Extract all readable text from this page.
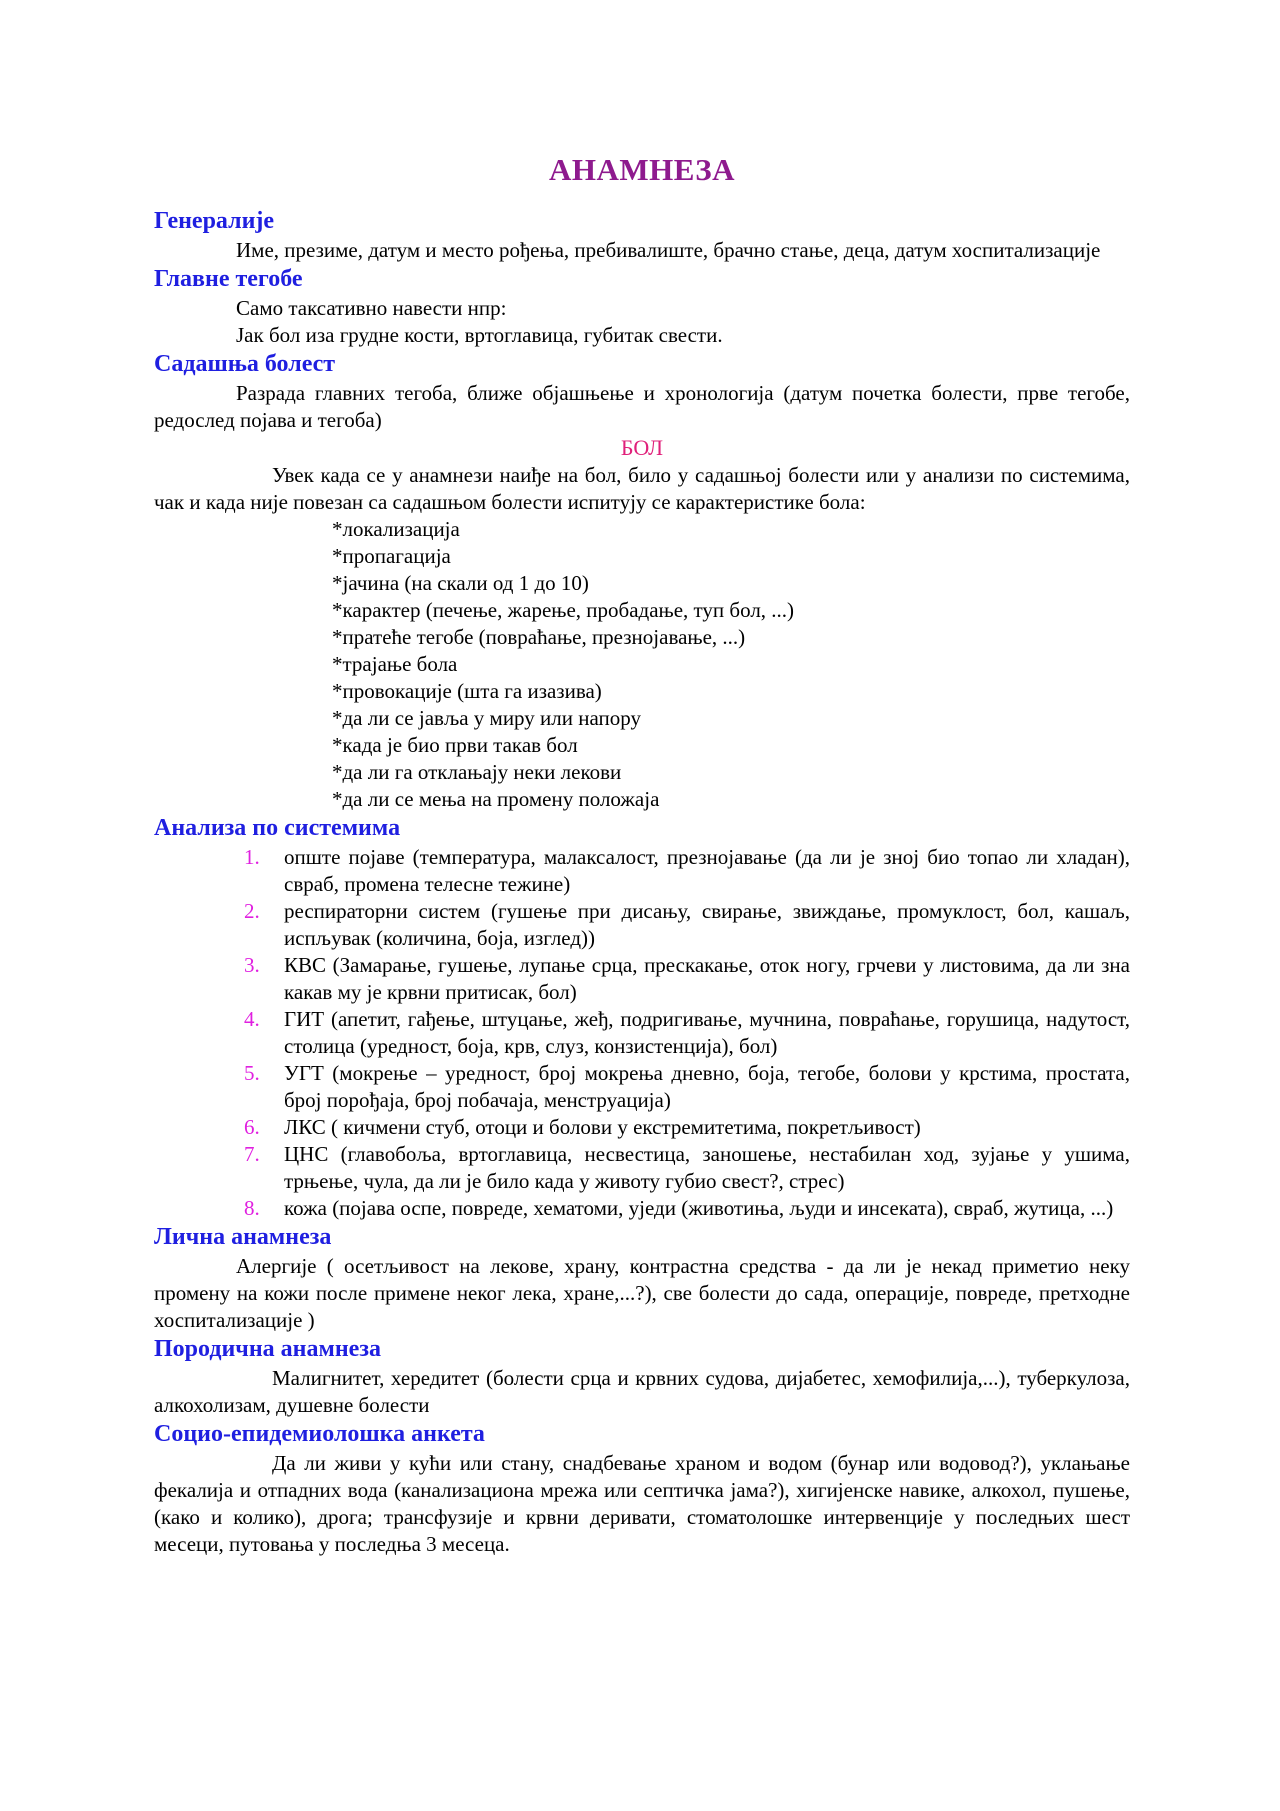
АНАМНЕЗА
Генералије

Име, презиме, датум и место рођења, пребивалиште, брачно стање, деца, датум хоспитализације

Главне тегобе

Само таксативно навести нпр:

Јак бол иза грудне кости, вртоглавица, губитак свести.

Садашња болест

Разрада главних тегоба, ближе објашњење и хронологија (датум почетка болести, прве тегобе, редослед појава и тегоба)

БОЛ

Увек када се у анамнези наиђе на бол, било у садашњој болести или у анализи по системима, чак и када није повезан са садашњом болести испитују се карактеристике бола:

*локализација
*пропагација
*јачина (на скали од 1 до 10)
*карактер (печење, жарење, пробадање, туп бол, ...)
*пратеће тегобе (повраћање, презнојавање, ...)
*трајање бола
*провокације (шта га изазива)
*да ли се јавља у миру или напору
*када је био први такав бол
*да ли га отклањају неки лекови
*да ли се мења на промену положаја
Анализа по системима
1.	опште појаве (температура, малаксалост, презнојавање (да ли је зној био топао ли хладан), свраб, промена телесне тежине)
2.	респираторни систем (гушење при дисању, свирање, звиждање, промуклост, бол, кашаљ, испљувак (количина, боја, изглед))
3.	КВС (Замарање, гушење, лупање срца, прескакање, оток ногу, грчеви у листовима, да ли зна какав му је крвни притисак, бол)
4.	ГИТ (апетит, гађење, штуцање, жеђ, подригивање, мучнина, повраћање, горушица, надутост, столица (уредност, боја, крв, слуз, конзистенција), бол)
5.	УГТ (мокрење – уредност, број мокрења дневно, боја, тегобе, болови у крстима, простата, број порођаја, број побачаја, менструација)
6.	ЛКС ( кичмени стуб, отоци и болови у екстремитетима, покретљивост)
7.	ЦНС (главобоља, вртоглавица, несвестица, заношење, нестабилан ход, зујање у ушима, трњење, чула, да ли је било када у животу губио свест?, стрес)
8.	кожа (појава оспе, повреде, хематоми, уједи (животиња, људи и инсеката), свраб, жутица, ...)
Лична анамнеза

Алергије ( осетљивост на лекове, храну, контрастна средства - да ли је некад приметио неку промену на кожи после примене неког лека, хране,...?), све болести до сада, операције, повреде, претходне хоспитализације )

Породична анамнеза

Малигнитет, хередитет (болести срца и крвних судова, дијабетес, хемофилија,...), туберкулоза, алкохолизам, душевне болести

Социо-епидемиолошка анкета

Да ли живи у кући или стану, снадбевање храном и водом (бунар или водовод?), уклањање фекалија и отпадних вода (канализациона мрежа или септичка јама?), хигијенске навике, алкохол, пушење, (како и колико), дрога; трансфузије и крвни деривати, стоматолошке интервенције у последњих шест месеци, путовања у последња 3 месеца.
